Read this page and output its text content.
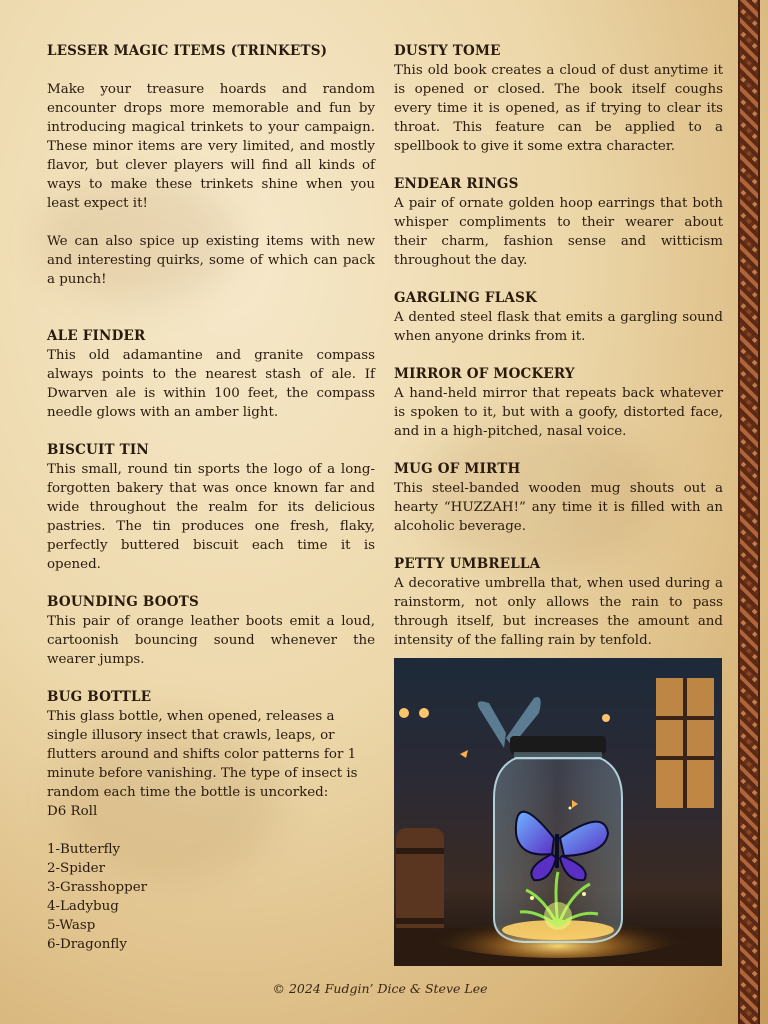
LESSER MAGIC ITEMS (TRINKETS)

Make your treasure hoards and random encounter drops more memorable and fun by introducing magical trinkets to your campaign. These minor items are very limited, and mostly flavor, but clever players will find all kinds of ways to make these trinkets shine when you least expect it!

We can also spice up existing items with new and interesting quirks, some of which can pack a punch!

ALE FINDER

This old adamantine and granite compass always points to the nearest stash of ale. If Dwarven ale is within 100 feet, the compass needle glows with an amber light.

BISCUIT TIN

This small, round tin sports the logo of a long-forgotten bakery that was once known far and wide throughout the realm for its delicious pastries. The tin produces one fresh, flaky, perfectly buttered biscuit each time it is opened.

BOUNDING BOOTS

This pair of orange leather boots emit a loud, cartoonish bouncing sound whenever the wearer jumps.

BUG BOTTLE

This glass bottle, when opened, releases a single illusory insect that crawls, leaps, or flutters around and shifts color patterns for 1 minute before vanishing. The type of insect is random each time the bottle is uncorked:

D6 Roll
1-Butterfly
2-Spider
3-Grasshopper
4-Ladybug
5-Wasp
6-Dragonfly
DUSTY TOME

This old book creates a cloud of dust anytime it is opened or closed. The book itself coughs every time it is opened, as if trying to clear its throat. This feature can be applied to a spellbook to give it some extra character.

ENDEAR RINGS

A pair of ornate golden hoop earrings that both whisper compliments to their wearer about their charm, fashion sense and witticism throughout the day.

GARGLING FLASK

A dented steel flask that emits a gargling sound when anyone drinks from it.

MIRROR OF MOCKERY

A hand-held mirror that repeats back whatever is spoken to it, but with a goofy, distorted face, and in a high-pitched, nasal voice.

MUG OF MIRTH

This steel-banded wooden mug shouts out a hearty “HUZZAH!” any time it is filled with an alcoholic beverage.

PETTY UMBRELLA

A decorative umbrella that, when used during a rainstorm, not only allows the rain to pass through itself, but increases the amount and intensity of the falling rain by tenfold.

© 2024 Fudgin’ Dice & Steve Lee
